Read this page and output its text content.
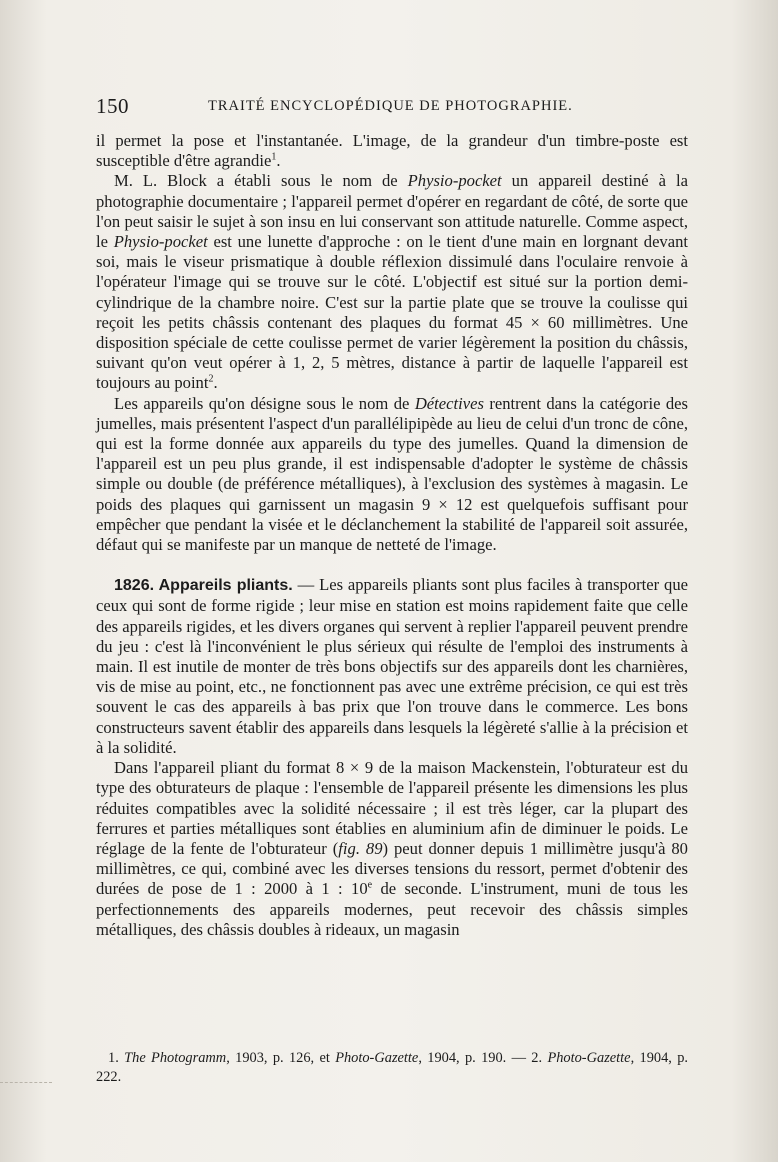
150	TRAITÉ ENCYCLOPÉDIQUE DE PHOTOGRAPHIE.

il permet la pose et l'instantanée. L'image, de la grandeur d'un timbre-poste est susceptible d'être agrandie$^1$.

M. L. Block a établi sous le nom de Physio-pocket un appareil destiné à la photographie documentaire ; l'appareil permet d'opérer en regardant de côté, de sorte que l'on peut saisir le sujet à son insu en lui conservant son attitude naturelle. Comme aspect, le Physio-pocket est une lunette d'approche : on le tient d'une main en lorgnant devant soi, mais le viseur prismatique à double réflexion dissimulé dans l'oculaire renvoie à l'opérateur l'image qui se trouve sur le côté. L'objectif est situé sur la portion demi-cylindrique de la chambre noire. C'est sur la partie plate que se trouve la coulisse qui reçoit les petits châssis contenant des plaques du format 45 × 60 millimètres. Une disposition spéciale de cette coulisse permet de varier légèrement la position du châssis, suivant qu'on veut opérer à 1, 2, 5 mètres, distance à partir de laquelle l'appareil est toujours au point$^2$.

Les appareils qu'on désigne sous le nom de Détectives rentrent dans la catégorie des jumelles, mais présentent l'aspect d'un parallélipipède au lieu de celui d'un tronc de cône, qui est la forme donnée aux appareils du type des jumelles. Quand la dimension de l'appareil est un peu plus grande, il est indispensable d'adopter le système de châssis simple ou double (de préférence métalliques), à l'exclusion des systèmes à magasin. Le poids des plaques qui garnissent un magasin 9 × 12 est quelquefois suffisant pour empêcher que pendant la visée et le déclanchement la stabilité de l'appareil soit assurée, défaut qui se manifeste par un manque de netteté de l'image.

1826. Appareils pliants. — Les appareils pliants sont plus faciles à transporter que ceux qui sont de forme rigide ; leur mise en station est moins rapidement faite que celle des appareils rigides, et les divers organes qui servent à replier l'appareil peuvent prendre du jeu : c'est là l'inconvénient le plus sérieux qui résulte de l'emploi des instruments à main. Il est inutile de monter de très bons objectifs sur des appareils dont les charnières, vis de mise au point, etc., ne fonctionnent pas avec une extrême précision, ce qui est très souvent le cas des appareils à bas prix que l'on trouve dans le commerce. Les bons constructeurs savent établir des appareils dans lesquels la légèreté s'allie à la précision et à la solidité.

Dans l'appareil pliant du format 8 × 9 de la maison Mackenstein, l'obturateur est du type des obturateurs de plaque : l'ensemble de l'appareil présente les dimensions les plus réduites compatibles avec la solidité nécessaire ; il est très léger, car la plupart des ferrures et parties métalliques sont établies en aluminium afin de diminuer le poids. Le réglage de la fente de l'obturateur (fig. 89) peut donner depuis 1 millimètre jusqu'à 80 millimètres, ce qui, combiné avec les diverses tensions du ressort, permet d'obtenir des durées de pose de 1 : 2000 à 1 : 10e de seconde. L'instrument, muni de tous les perfectionnements des appareils modernes, peut recevoir des châssis simples métalliques, des châssis doubles à rideaux, un magasin

1. The Photogramm, 1903, p. 126, et Photo-Gazette, 1904, p. 190. — 2. Photo-Gazette, 1904, p. 222.
